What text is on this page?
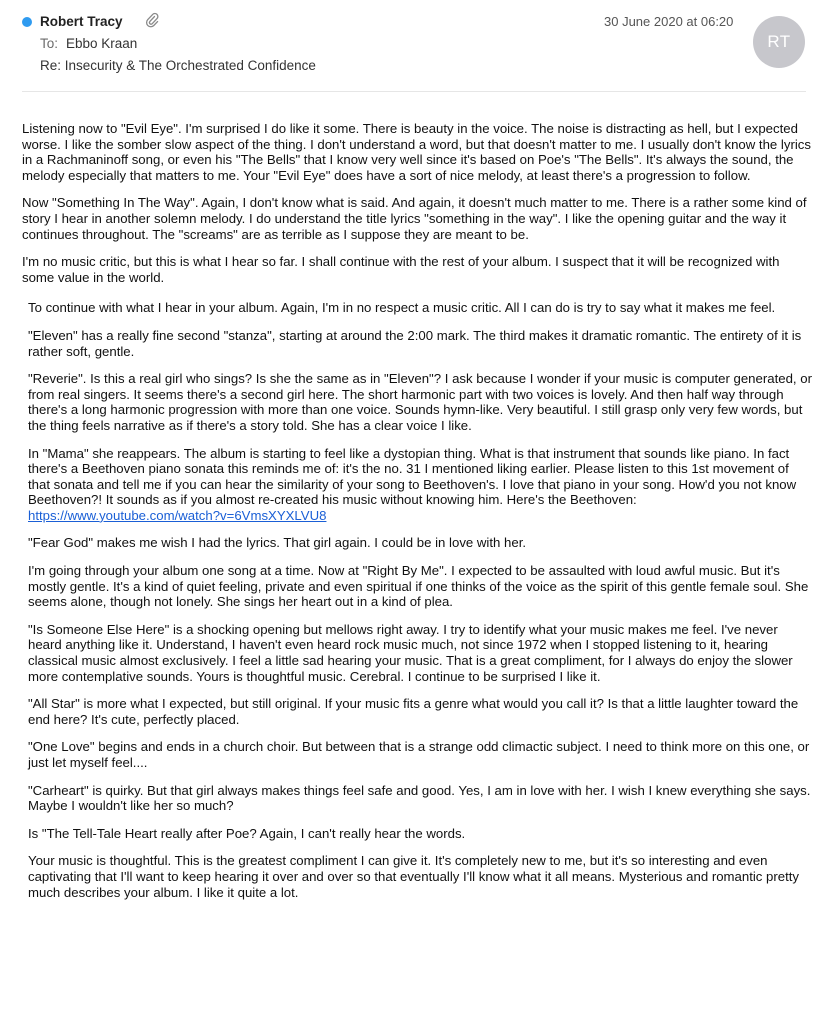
Robert Tracy
To: Ebbo Kraan
Re: Insecurity & The Orchestrated Confidence
30 June 2020 at 06:20
RT

Listening now to "Evil Eye". I'm surprised I do like it some. There is beauty in the voice. The noise is distracting as hell, but I expected worse. I like the somber slow aspect of the thing. I don't understand a word, but that doesn't matter to me. I usually don't know the lyrics in a Rachmaninoff song, or even his "The Bells" that I know very well since it's based on Poe's "The Bells". It's always the sound, the melody especially that matters to me. Your "Evil Eye" does have a sort of nice melody, at least there's a progression to follow.

Now "Something In The Way". Again, I don't know what is said. And again, it doesn't much matter to me. There is a rather some kind of story I hear in another solemn melody. I do understand the title lyrics "something in the way". I like the opening guitar and the way it continues throughout. The "screams" are as terrible as I suppose they are meant to be.

I'm no music critic, but this is what I hear so far. I shall continue with the rest of your album. I suspect that it will be recognized with some value in the world.

To continue with what I hear in your album. Again, I'm in no respect a music critic. All I can do is try to say what it makes me feel.

"Eleven" has a really fine second "stanza", starting at around the 2:00 mark. The third makes it dramatic romantic. The entirety of it is rather soft, gentle.

"Reverie". Is this a real girl who sings? Is she the same as in "Eleven"? I ask because I wonder if your music is computer generated, or from real singers. It seems there's a second girl here. The short harmonic part with two voices is lovely. And then half way through there's a long harmonic progression with more than one voice. Sounds hymn-like. Very beautiful. I still grasp only very few words, but the thing feels narrative as if there's a story told. She has a clear voice I like.

In "Mama" she reappears. The album is starting to feel like a dystopian thing. What is that instrument that sounds like piano. In fact there's a Beethoven piano sonata this reminds me of: it's the no. 31 I mentioned liking earlier. Please listen to this 1st movement of that sonata and tell me if you can hear the similarity of your song to Beethoven's. I love that piano in your song. How'd you not know Beethoven?! It sounds as if you almost re-created his music without knowing him. Here's the Beethoven:
https://www.youtube.com/watch?v=6VmsXYXLVU8

"Fear God" makes me wish I had the lyrics. That girl again. I could be in love with her.

I'm going through your album one song at a time. Now at "Right By Me". I expected to be assaulted with loud awful music. But it's mostly gentle. It's a kind of quiet feeling, private and even spiritual if one thinks of the voice as the spirit of this gentle female soul. She seems alone, though not lonely. She sings her heart out in a kind of plea.

"Is Someone Else Here" is a shocking opening but mellows right away. I try to identify what your music makes me feel. I've never heard anything like it. Understand, I haven't even heard rock music much, not since 1972 when I stopped listening to it, hearing classical music almost exclusively. I feel a little sad hearing your music. That is a great compliment, for I always do enjoy the slower more contemplative sounds. Yours is thoughtful music. Cerebral. I continue to be surprised I like it.

"All Star" is more what I expected, but still original. If your music fits a genre what would you call it? Is that a little laughter toward the end here? It's cute, perfectly placed.

"One Love" begins and ends in a church choir. But between that is a strange odd climactic subject. I need to think more on this one, or just let myself feel....

"Carheart" is quirky. But that girl always makes things feel safe and good. Yes, I am in love with her. I wish I knew everything she says. Maybe I wouldn't like her so much?

Is "The Tell-Tale Heart really after Poe? Again, I can't really hear the words.

Your music is thoughtful. This is the greatest compliment I can give it. It's completely new to me, but it's so interesting and even captivating that I'll want to keep hearing it over and over so that eventually I'll know what it all means. Mysterious and romantic pretty much describes your album. I like it quite a lot.
